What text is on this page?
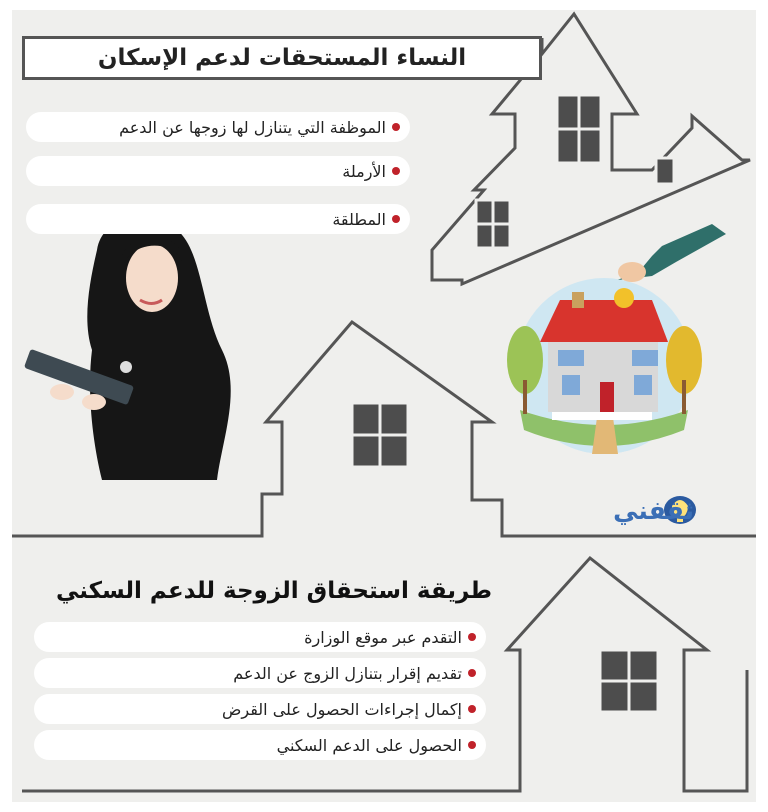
النساء المستحقات لدعم الإسكان
الموظفة التي يتنازل لها زوجها عن الدعم
الأرملة
المطلقة
ثقفني
طريقة استحقاق الزوجة للدعم السكني
التقدم عبر موقع الوزارة
تقديم إقرار بتنازل الزوج عن الدعم
إكمال إجراءات الحصول على القرض
الحصول على الدعم السكني
